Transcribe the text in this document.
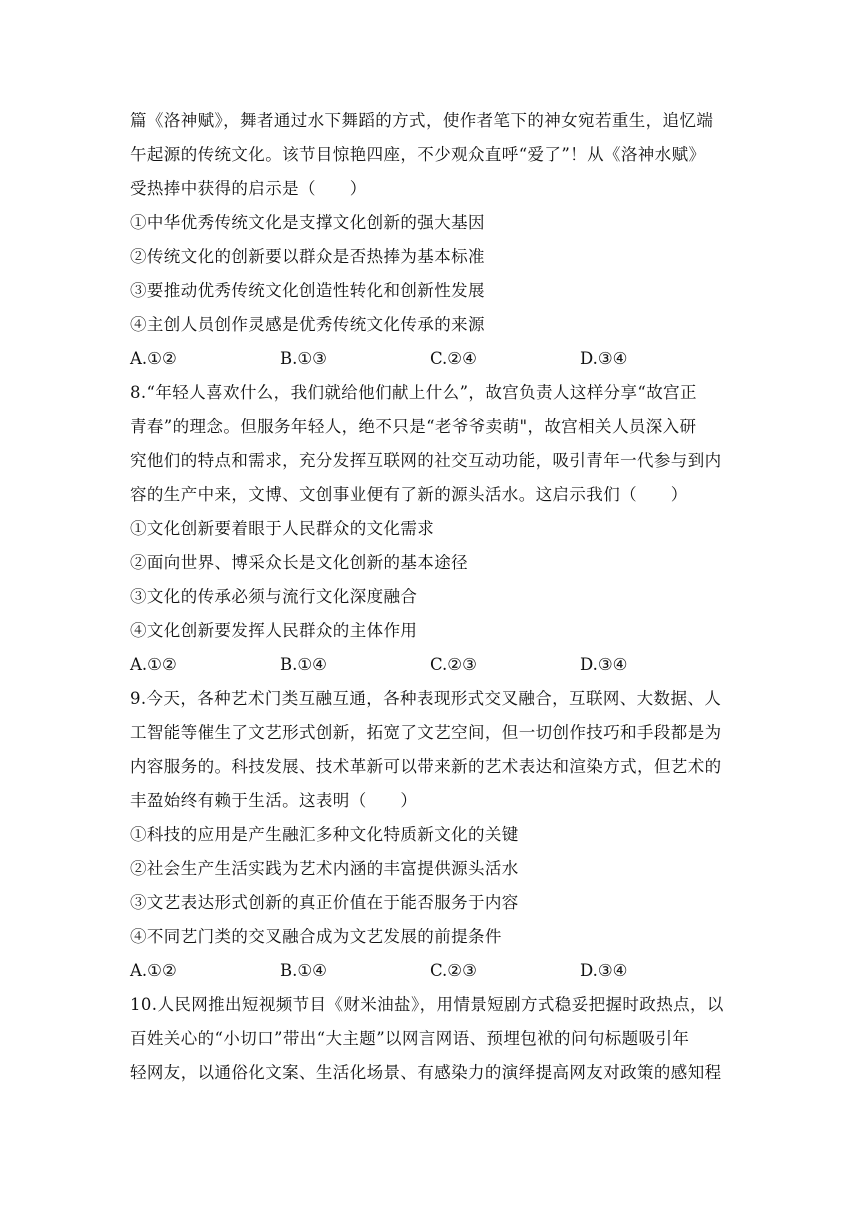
篇《洛神赋》，舞者通过水下舞蹈的方式，使作者笔下的神女宛若重生，追忆端
午起源的传统文化。该节目惊艳四座，不少观众直呼“爱了”！从《洛神水赋》
受热捧中获得的启示是（　　）
①中华优秀传统文化是支撑文化创新的强大基因
②传统文化的创新要以群众是否热捧为基本标准
③要推动优秀传统文化创造性转化和创新性发展
④主创人员创作灵感是优秀传统文化传承的来源
A.①②	B.①③	C.②④	D.③④
8.“年轻人喜欢什么，我们就给他们献上什么”，故宫负责人这样分享“故宫正
青春”的理念。但服务年轻人，绝不只是“老爷爷卖萌"，故宫相关人员深入研
究他们的特点和需求，充分发挥互联网的社交互动功能，吸引青年一代参与到内
容的生产中来，文博、文创事业便有了新的源头活水。这启示我们（　　）
①文化创新要着眼于人民群众的文化需求
②面向世界、博采众长是文化创新的基本途径
③文化的传承必须与流行文化深度融合
④文化创新要发挥人民群众的主体作用
A.①②	B.①④	C.②③	D.③④
9.今天，各种艺术门类互融互通，各种表现形式交叉融合，互联网、大数据、人
工智能等催生了文艺形式创新，拓宽了文艺空间，但一切创作技巧和手段都是为
内容服务的。科技发展、技术革新可以带来新的艺术表达和渲染方式，但艺术的
丰盈始终有赖于生活。这表明（　　）
①科技的应用是产生融汇多种文化特质新文化的关键
②社会生产生活实践为艺术内涵的丰富提供源头活水
③文艺表达形式创新的真正价值在于能否服务于内容
④不同艺门类的交叉融合成为文艺发展的前提条件
A.①②	B.①④	C.②③	D.③④
10.人民网推出短视频节目《财米油盐》，用情景短剧方式稳妥把握时政热点，以
百姓关心的“小切口”带出“大主题”以网言网语、预埋包袱的问句标题吸引年
轻网友，以通俗化文案、生活化场景、有感染力的演绎提高网友对政策的感知程
